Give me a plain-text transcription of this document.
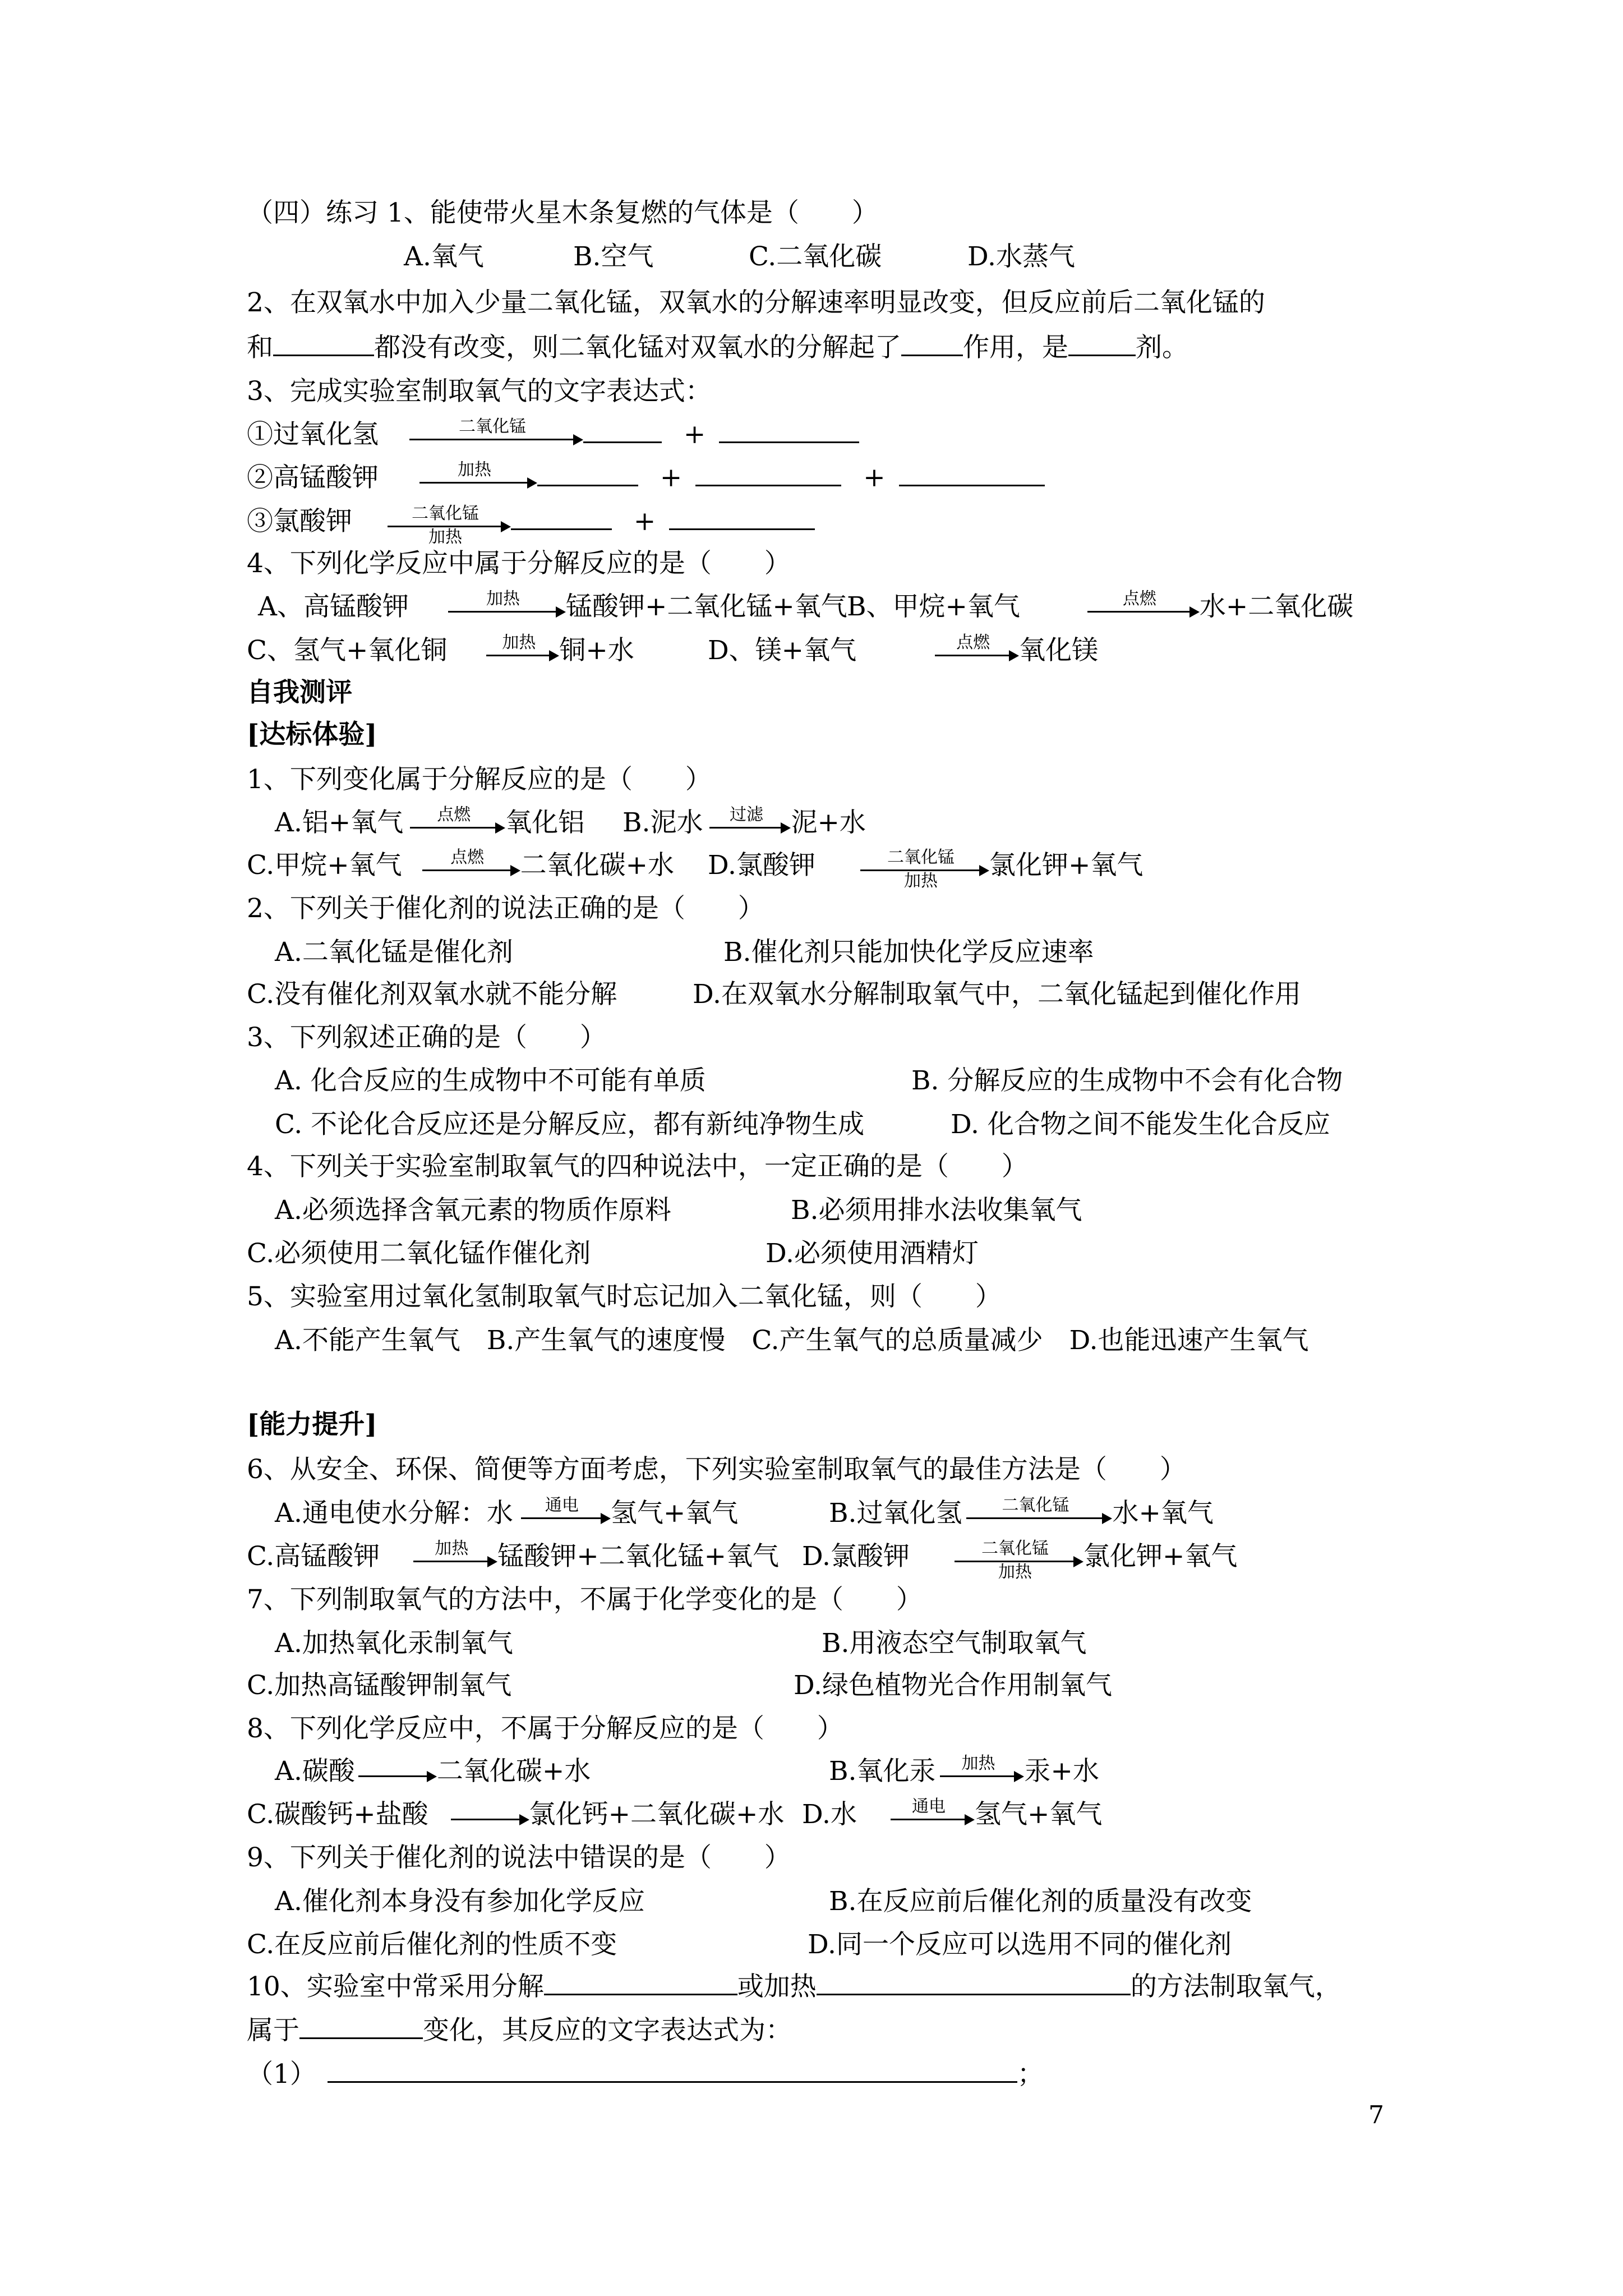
（四）练习 1、能使带火星木条复燃的气体是（　　）
A.氧气	B.空气	C.二氧化碳	D.水蒸气
2、在双氧水中加入少量二氧化锰，双氧水的分解速率明显改变，但反应前后二氧化锰的
和	都没有改变，则二氧化锰对双氧水的分解起了 作用，是	剂。
3、完成实验室制取氧气的文字表达式：
①过氧化氢	二氧化锰	+
②高锰酸钾	加热	+	+
③氯酸钾	二氧化锰
加热
+
4、下列化学反应中属于分解反应的是（　　）
A、高锰酸钾	加热	锰酸钾+二氧化锰+氧气 B、甲烷+氧气	点燃	水+二氧化碳
C、氢气+氧化铜	加热 铜+水	D、镁+氧气	点燃	氧化镁
自我测评
[达标体验]
1、下列变化属于分解反应的是（　　）
A.铝+氧气	点燃	氧化铝 B.泥水	过滤	泥+水
C.甲烷+氧气	点燃	二氧化碳+水 D.氯酸钾	二氧化锰
加热
氯化钾+氧气
2、下列关于催化剂的说法正确的是（　　）
A.二氧化锰是催化剂	B.催化剂只能加快化学反应速率
C.没有催化剂双氧水就不能分解	D.在双氧水分解制取氧气中，二氧化锰起到催化作用
3、下列叙述正确的是（　　）
A. 化合反应的生成物中不可能有单质	B. 分解反应的生成物中不会有化合物
C. 不论化合反应还是分解反应，都有新纯净物生成	D. 化合物之间不能发生化合反应
4、下列关于实验室制取氧气的四种说法中，一定正确的是（　　）
A.必须选择含氧元素的物质作原料	B.必须用排水法收集氧气
C.必须使用二氧化锰作催化剂	D.必须使用酒精灯
5、实验室用过氧化氢制取氧气时忘记加入二氧化锰，则（　　）
A.不能产生氧气　B.产生氧气的速度慢　C.产生氧气的总质量减少　D.也能迅速产生氧气
[能力提升]
6、从安全、环保、简便等方面考虑，下列实验室制取氧气的最佳方法是（　　）
A.通电使水分解：水	通电	氢气+氧气	B.过氧化氢	二氧化锰	水+氧气
C.高锰酸钾	加热	锰酸钾+二氧化锰+氧气 D.氯酸钾	二氧化锰
加热
氯化钾+氧气
7、下列制取氧气的方法中，不属于化学变化的是（　　）
A.加热氧化汞制氧气	B.用液态空气制取氧气
C.加热高锰酸钾制氧气	D.绿色植物光合作用制氧气
8、下列化学反应中，不属于分解反应的是（　　）
A.碳酸	二氧化碳+水	B.氧化汞	加热	汞+水
C.碳酸钙+盐酸	氯化钙+二氧化碳+水 D.水	通电	氢气+氧气
9、下列关于催化剂的说法中错误的是（　　）
A.催化剂本身没有参加化学反应	B.在反应前后催化剂的质量没有改变
C.在反应前后催化剂的性质不变	D.同一个反应可以选用不同的催化剂
10、实验室中常采用分解	或加热	的方法制取氧气，
属于	变化，其反应的文字表达式为：
（1）	；
7
